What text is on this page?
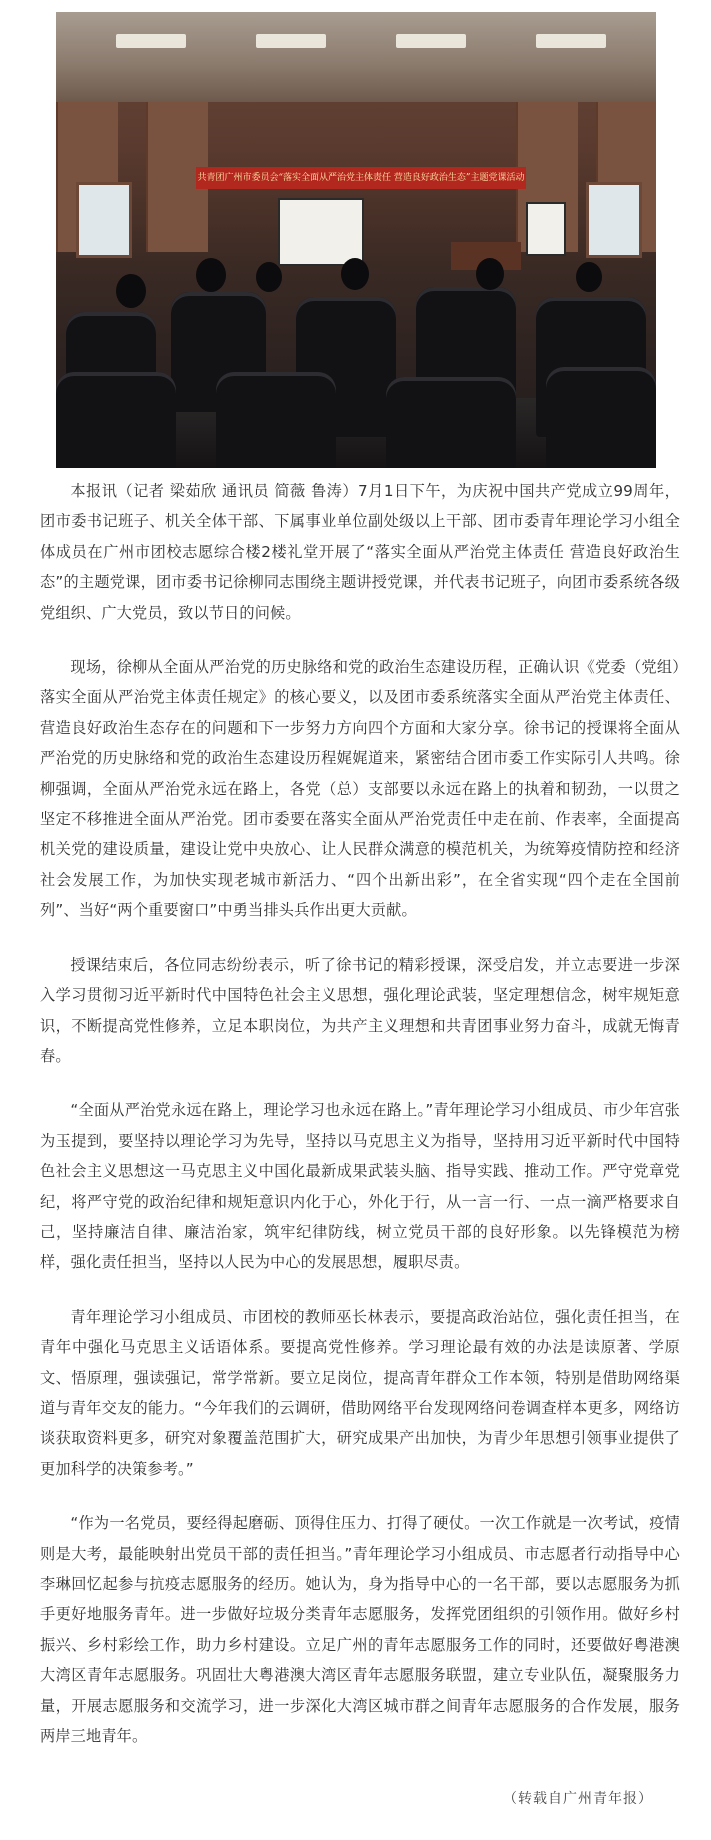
共青团广州市委员会“落实全面从严治党主体责任 营造良好政治生态”主题党课活动

本报讯（记者 梁茹欣 通讯员 简薇 鲁涛）7月1日下午，为庆祝中国共产党成立99周年，团市委书记班子、机关全体干部、下属事业单位副处级以上干部、团市委青年理论学习小组全体成员在广州市团校志愿综合楼2楼礼堂开展了“落实全面从严治党主体责任 营造良好政治生态”的主题党课，团市委书记徐柳同志围绕主题讲授党课，并代表书记班子，向团市委系统各级党组织、广大党员，致以节日的问候。

现场，徐柳从全面从严治党的历史脉络和党的政治生态建设历程，正确认识《党委（党组）落实全面从严治党主体责任规定》的核心要义，以及团市委系统落实全面从严治党主体责任、营造良好政治生态存在的问题和下一步努力方向四个方面和大家分享。徐书记的授课将全面从严治党的历史脉络和党的政治生态建设历程娓娓道来，紧密结合团市委工作实际引人共鸣。徐柳强调，全面从严治党永远在路上，各党（总）支部要以永远在路上的执着和韧劲，一以贯之坚定不移推进全面从严治党。团市委要在落实全面从严治党责任中走在前、作表率，全面提高机关党的建设质量，建设让党中央放心、让人民群众满意的模范机关，为统筹疫情防控和经济社会发展工作，为加快实现老城市新活力、“四个出新出彩”，在全省实现“四个走在全国前列”、当好“两个重要窗口”中勇当排头兵作出更大贡献。

授课结束后，各位同志纷纷表示，听了徐书记的精彩授课，深受启发，并立志要进一步深入学习贯彻习近平新时代中国特色社会主义思想，强化理论武装，坚定理想信念，树牢规矩意识，不断提高党性修养，立足本职岗位，为共产主义理想和共青团事业努力奋斗，成就无悔青春。

“全面从严治党永远在路上，理论学习也永远在路上。”青年理论学习小组成员、市少年宫张为玉提到，要坚持以理论学习为先导，坚持以马克思主义为指导，坚持用习近平新时代中国特色社会主义思想这一马克思主义中国化最新成果武装头脑、指导实践、推动工作。严守党章党纪，将严守党的政治纪律和规矩意识内化于心，外化于行，从一言一行、一点一滴严格要求自己，坚持廉洁自律、廉洁治家，筑牢纪律防线，树立党员干部的良好形象。以先锋模范为榜样，强化责任担当，坚持以人民为中心的发展思想，履职尽责。

青年理论学习小组成员、市团校的教师巫长林表示，要提高政治站位，强化责任担当，在青年中强化马克思主义话语体系。要提高党性修养。学习理论最有效的办法是读原著、学原文、悟原理，强读强记，常学常新。要立足岗位，提高青年群众工作本领，特别是借助网络渠道与青年交友的能力。“今年我们的云调研，借助网络平台发现网络问卷调查样本更多，网络访谈获取资料更多，研究对象覆盖范围扩大，研究成果产出加快，为青少年思想引领事业提供了更加科学的决策参考。”

“作为一名党员，要经得起磨砺、顶得住压力、打得了硬仗。一次工作就是一次考试，疫情则是大考，最能映射出党员干部的责任担当。”青年理论学习小组成员、市志愿者行动指导中心李琳回忆起参与抗疫志愿服务的经历。她认为，身为指导中心的一名干部，要以志愿服务为抓手更好地服务青年。进一步做好垃圾分类青年志愿服务，发挥党团组织的引领作用。做好乡村振兴、乡村彩绘工作，助力乡村建设。立足广州的青年志愿服务工作的同时，还要做好粤港澳大湾区青年志愿服务。巩固壮大粤港澳大湾区青年志愿服务联盟，建立专业队伍，凝聚服务力量，开展志愿服务和交流学习，进一步深化大湾区城市群之间青年志愿服务的合作发展，服务两岸三地青年。

（转载自广州青年报）
